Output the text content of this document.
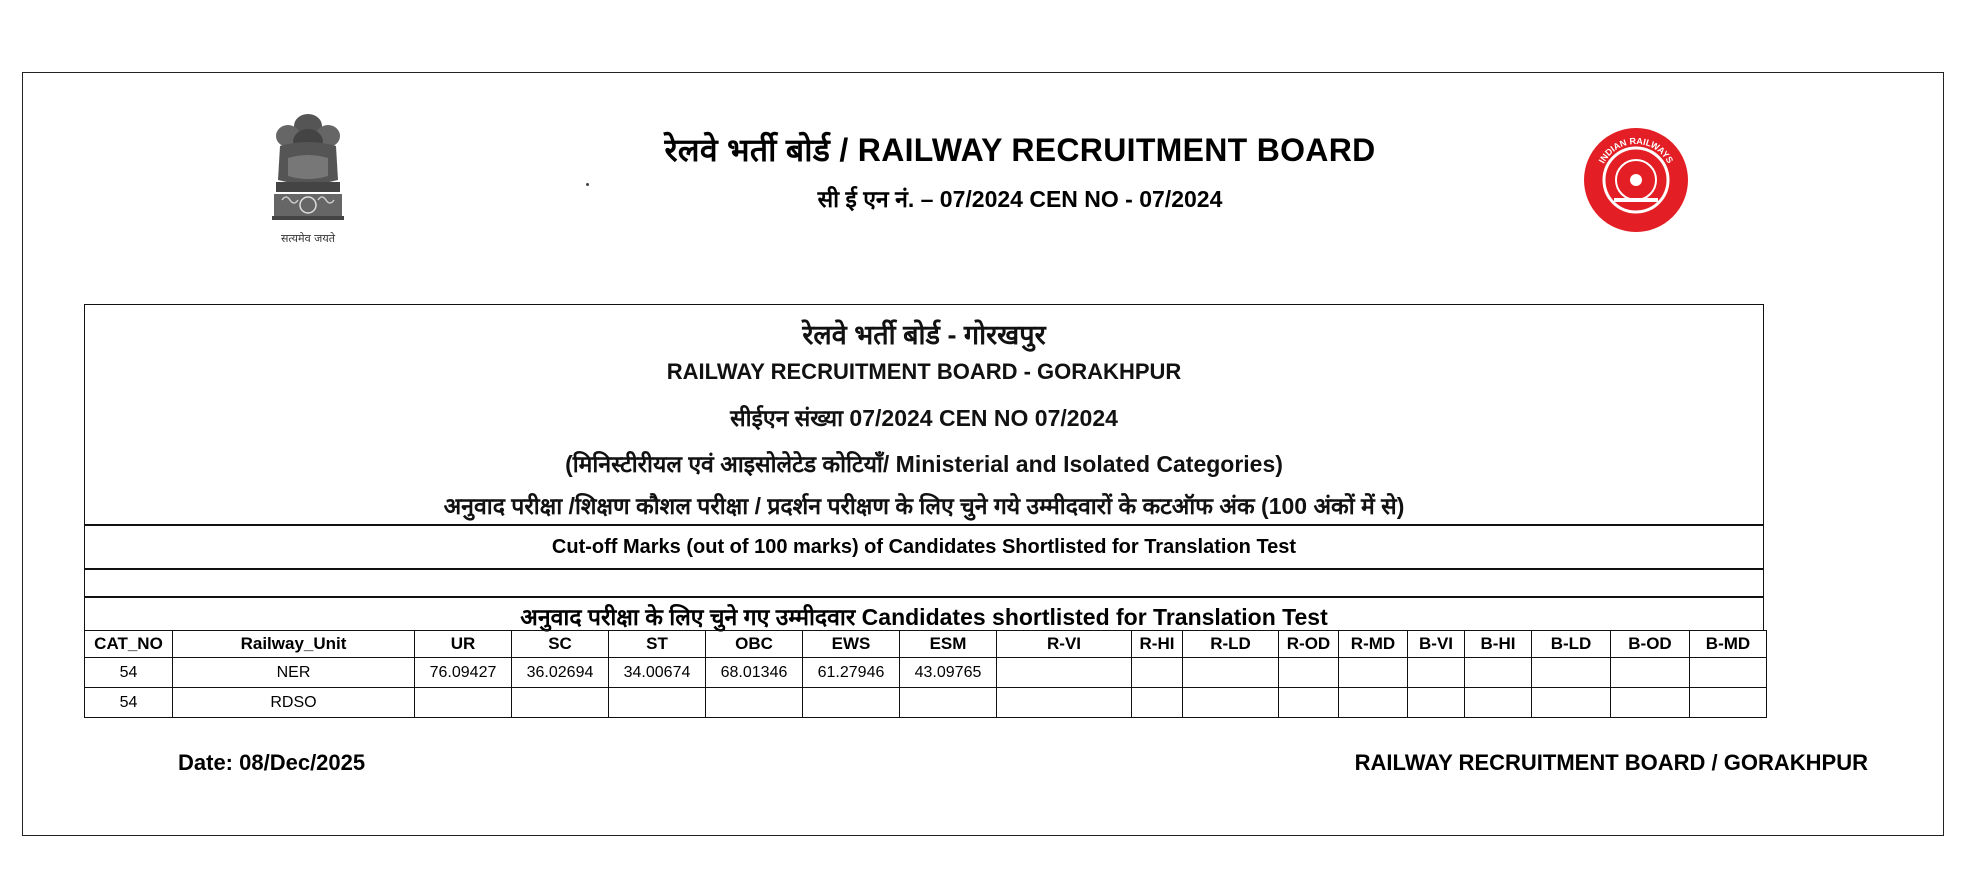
सत्यमेव जयते
रेलवे भर्ती बोर्ड / RAILWAY RECRUITMENT BOARD
सी ई एन नं. – 07/2024 CEN NO - 07/2024
INDIAN RAILWAYS
रेलवे भर्ती बोर्ड - गोरखपुर
RAILWAY RECRUITMENT BOARD - GORAKHPUR
सीईएन संख्या 07/2024 CEN NO 07/2024
(मिनिस्टीरीयल एवं आइसोलेटेड कोटियाँ/ Ministerial and Isolated Categories)
अनुवाद परीक्षा /शिक्षण कौशल परीक्षा / प्रदर्शन परीक्षण के लिए चुने गये उम्मीदवारों के कटऑफ अंक (100 अंकों में से)
Cut-off Marks (out of 100 marks) of Candidates Shortlisted for Translation Test
अनुवाद परीक्षा के लिए चुने गए उम्मीदवार Candidates shortlisted for Translation Test
CAT_NO	Railway_Unit	UR	SC	ST	OBC	EWS	ESM	R-VI	R-HI	R-LD	R-OD	R-MD	B-VI	B-HI	B-LD	B-OD	B-MD
54	NER	76.09427	36.02694	34.00674	68.01346	61.27946	43.09765										
54	RDSO																
Date: 08/Dec/2025	RAILWAY RECRUITMENT BOARD / GORAKHPUR
